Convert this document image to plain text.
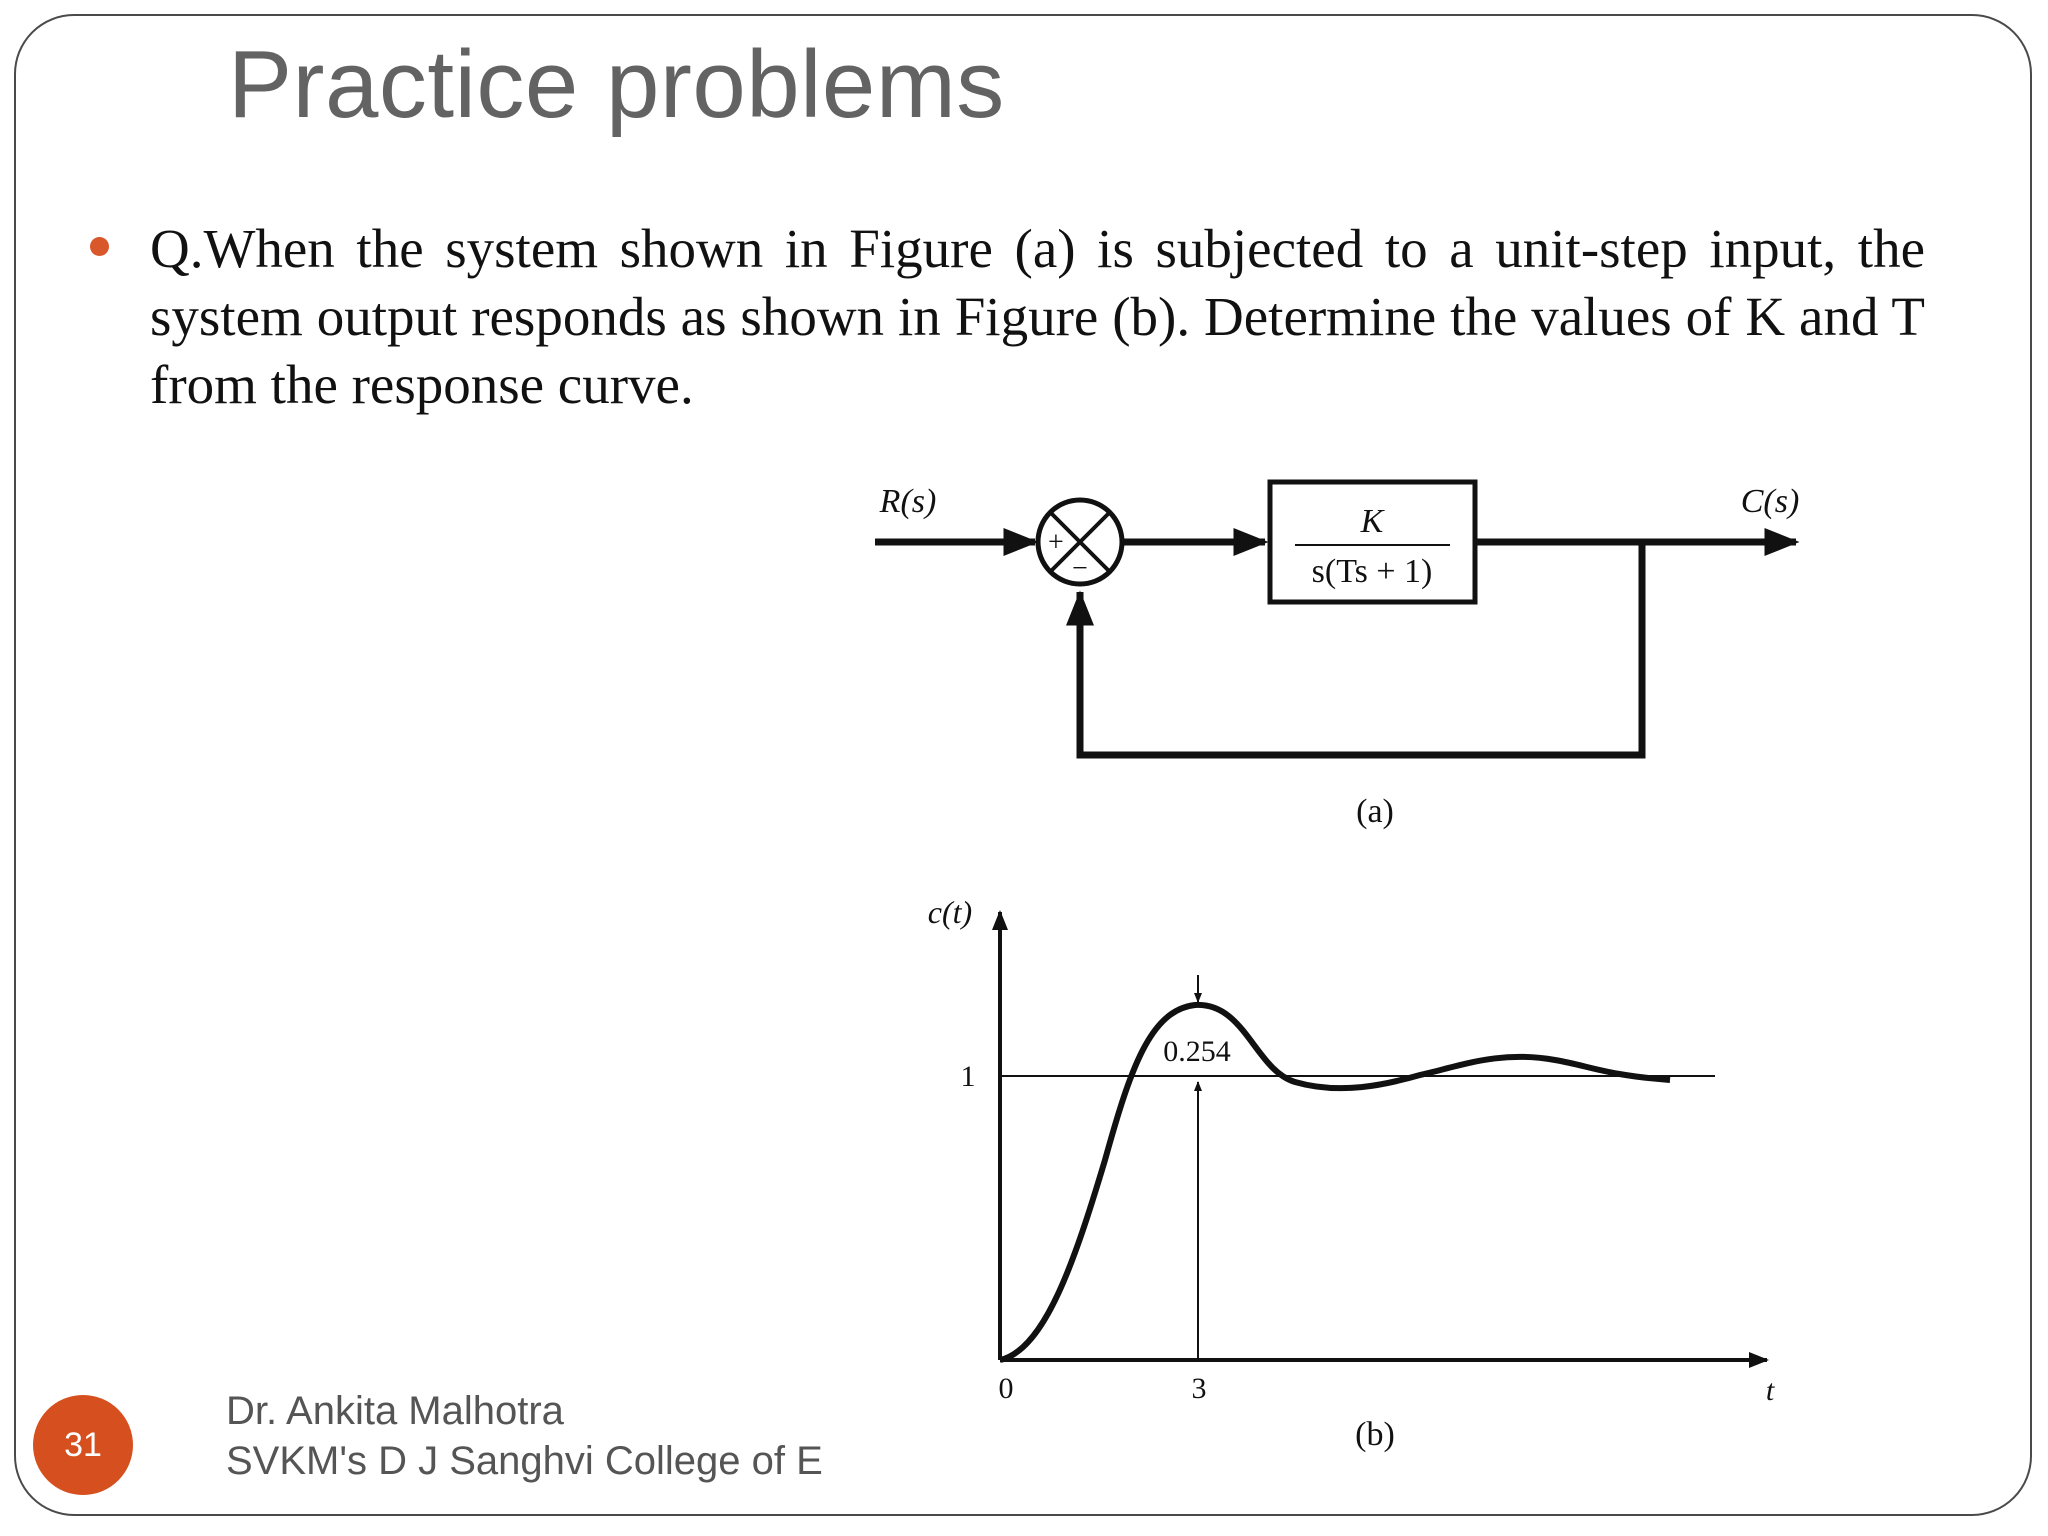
Practice problems

Q.When the system shown in Figure (a) is subjected to a unit-step input, the system output responds as shown in Figure (b). Determine the values of K and T from the response curve.

+
−
K
s(Ts + 1)
R(s)	C(s)
(a)
0.254
c(t)
t
1
0	3
(b)
31
Dr. Ankita Malhotra
SVKM's D J Sanghvi College of E
